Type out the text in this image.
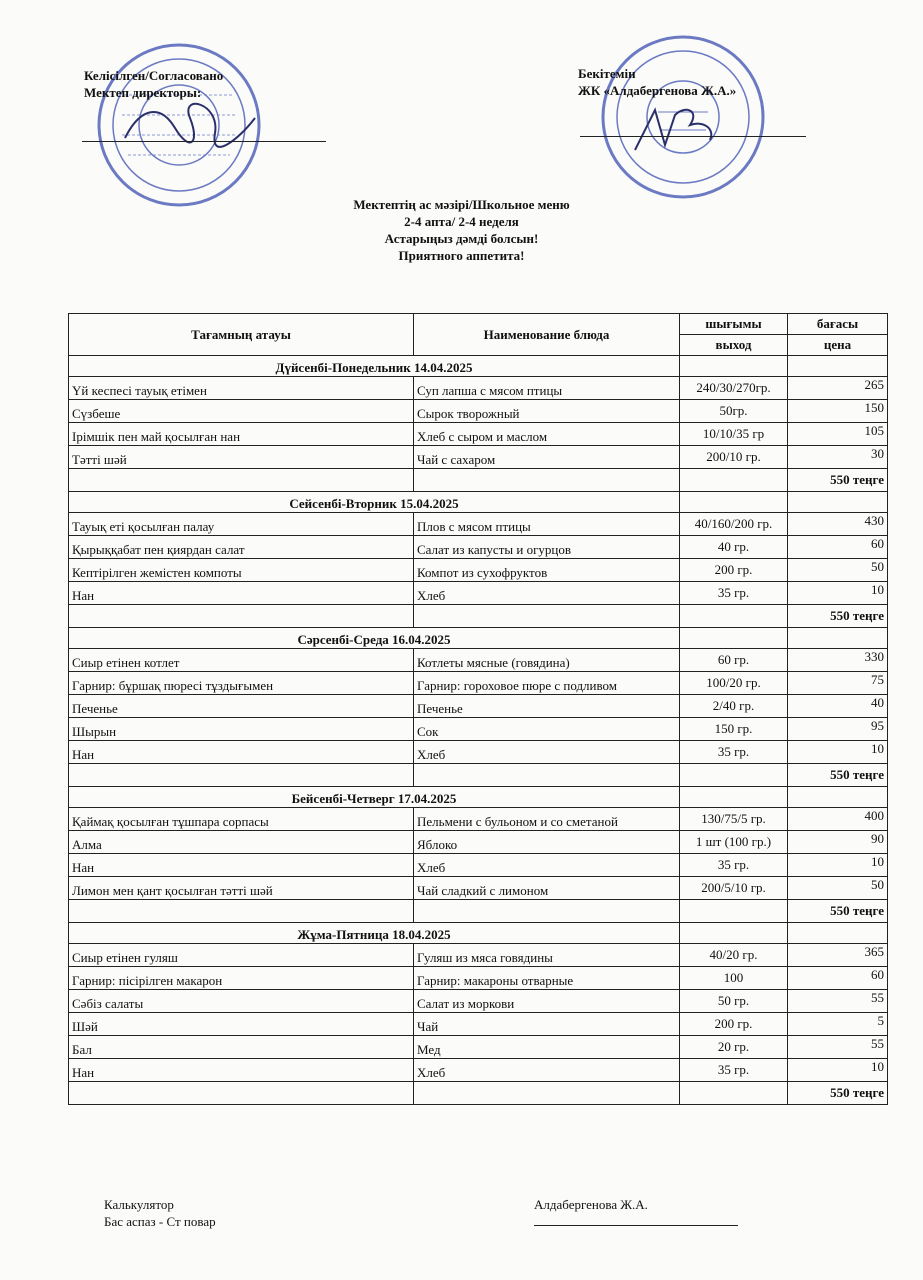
Келісілген/Согласовано
Мектеп директоры:
Бекітемін
ЖК «Алдабергенова Ж.А.»
Мектептің ас мәзірі/Школьное меню
2-4 апта/ 2-4 неделя
Астарыңыз дәмді болсын!
Приятного аппетита!
Тағамның атауы	Наименование блюда	шығымы	бағасы
		выход	цена
Дүйсенбі-Понедельник 14.04.2025			
Үй кеспесі тауық етімен	Суп лапша с мясом птицы	240/30/270гр.	265
Сүзбеше	Сырок творожный	50гр.	150
Ірімшік пен май қосылған нан	Хлеб с сыром и маслом	10/10/35 гр	105
Тәтті шәй	Чай с сахаром	200/10 гр.	30
			550 теңге
Сейсенбі-Вторник 15.04.2025			
Тауық еті қосылған палау	Плов с мясом птицы	40/160/200 гр.	430
Қырыққабат пен қиярдан салат	Салат из капусты и огурцов	40 гр.	60
Кептірілген жемістен компоты	Компот из сухофруктов	200 гр.	50
Нан	Хлеб	35 гр.	10
			550 теңге
Сәрсенбі-Среда 16.04.2025			
Сиыр етінен котлет	Котлеты мясные (говядина)	60 гр.	330
Гарнир: бұршақ пюресі тұздығымен	Гарнир: гороховое пюре с подливом	100/20 гр.	75
Печенье	Печенье	2/40 гр.	40
Шырын	Сок	150 гр.	95
Нан	Хлеб	35 гр.	10
			550 теңге
Бейсенбі-Четверг 17.04.2025			
Қаймақ қосылған тұшпара сорпасы	Пельмени с бульоном и со сметаной	130/75/5 гр.	400
Алма	Яблоко	1 шт (100 гр.)	90
Нан	Хлеб	35 гр.	10
Лимон мен қант қосылған тәтті шәй	Чай сладкий с лимоном	200/5/10 гр.	50
			550 теңге
Жұма-Пятница 18.04.2025			
Сиыр етінен гуляш	Гуляш из мяса говядины	40/20 гр.	365
Гарнир: пісірілген макарон	Гарнир: макароны отварные	100	60
Сәбіз салаты	Салат из моркови	50 гр.	55
Шәй	Чай	200 гр.	5
Бал	Мед	20 гр.	55
Нан	Хлеб	35 гр.	10
			550 теңге
Калькулятор
Бас аспаз - Ст повар
Алдабергенова Ж.А.
